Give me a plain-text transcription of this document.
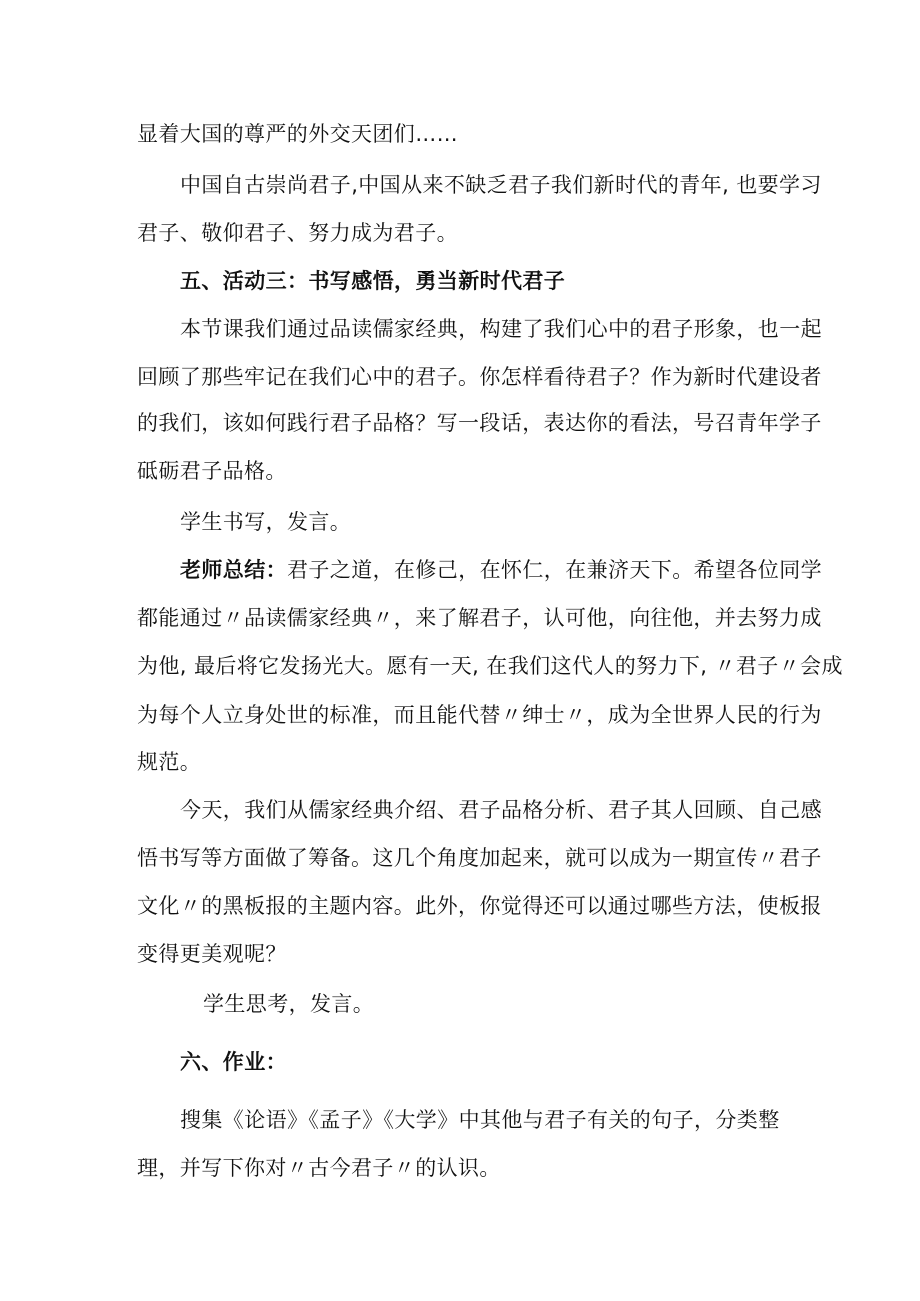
显着大国的尊严的外交天团们……
中国自古崇尚君子,中国从来不缺乏君子我们新时代的青年, 也要学习
君子、敬仰君子、努力成为君子。
五、活动三：书写感悟，勇当新时代君子
本节课我们通过品读儒家经典，构建了我们心中的君子形象，也一起
回顾了那些牢记在我们心中的君子。你怎样看待君子？作为新时代建设者
的我们，该如何践行君子品格？写一段话，表达你的看法，号召青年学子
砥砺君子品格。
学生书写，发言。
老师总结：君子之道，在修己，在怀仁，在兼济天下。希望各位同学
都能通过〃品读儒家经典〃，来了解君子，认可他，向往他，并去努力成
为他, 最后将它发扬光大。愿有一天, 在我们这代人的努力下, 〃君子〃会成
为每个人立身处世的标准，而且能代替〃绅士〃，成为全世界人民的行为
规范。
今天，我们从儒家经典介绍、君子品格分析、君子其人回顾、自己感
悟书写等方面做了筹备。这几个角度加起来，就可以成为一期宣传〃君子
文化〃的黑板报的主题内容。此外，你觉得还可以通过哪些方法，使板报
变得更美观呢？
学生思考，发言。
六、作业：
搜集《论语》《孟子》《大学》中其他与君子有关的句子，分类整
理，并写下你对〃古今君子〃的认识。
